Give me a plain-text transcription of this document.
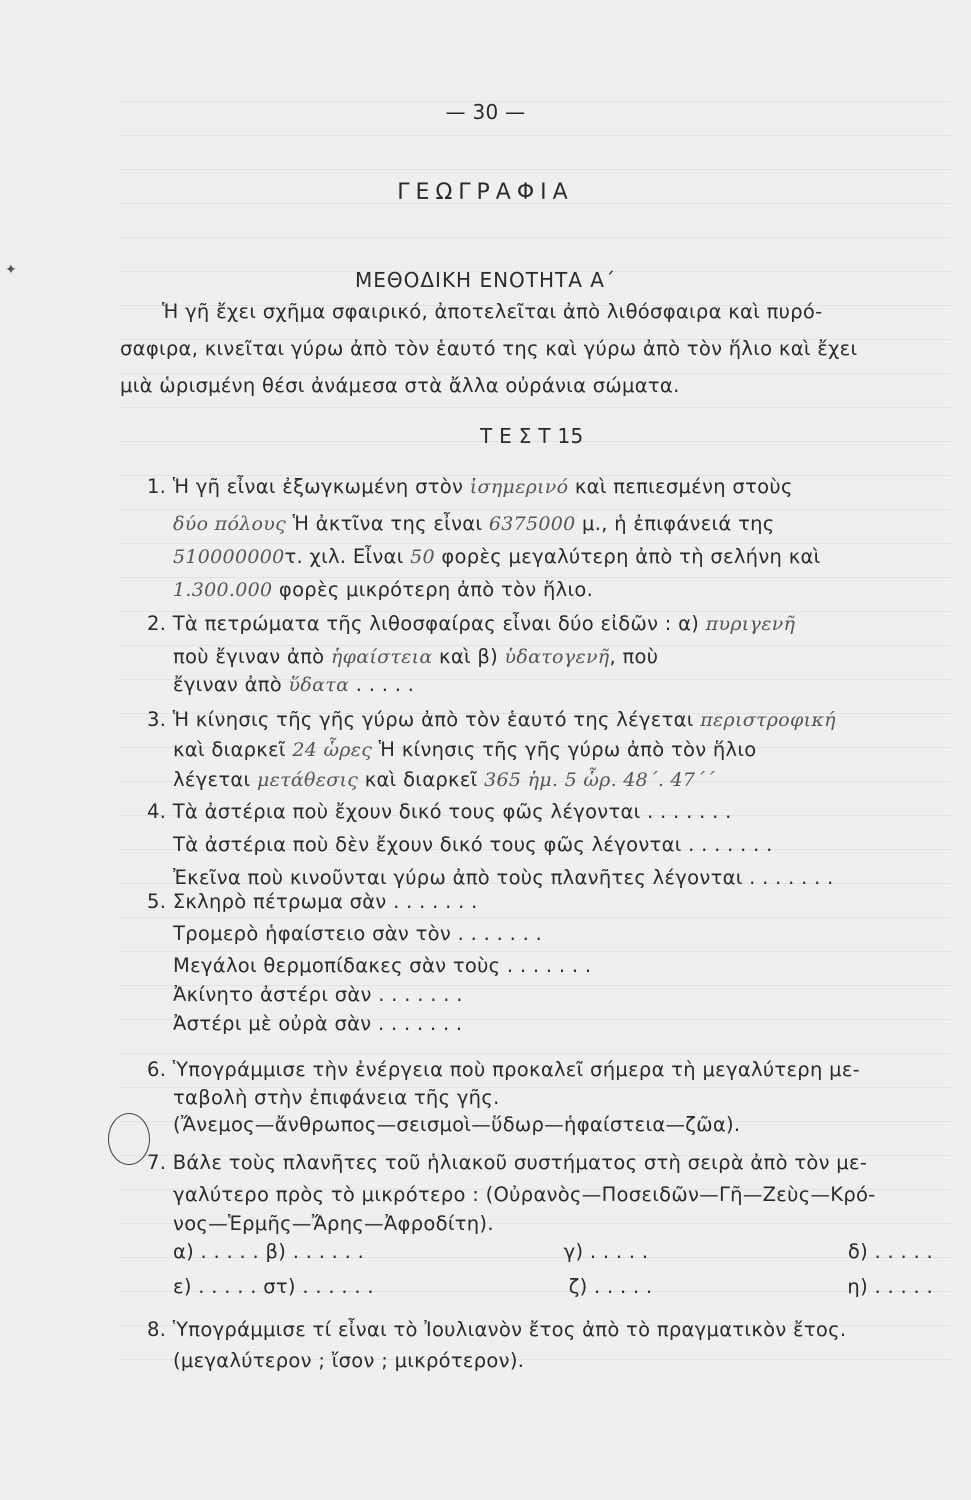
✦
— 30 —
ΓΕΩΓΡΑΦΙΑ
ΜΕΘΟΔΙΚΗ ΕΝΟΤΗΤΑ Α΄
Ἡ γῆ ἔχει σχῆμα σφαιρικό, ἀποτελεῖται ἀπὸ λιθόσφαιρα καὶ πυρό-
σαφιρα, κινεῖται γύρω ἀπὸ τὸν ἑαυτό της καὶ γύρω ἀπὸ τὸν ἥλιο καὶ ἔχει
μιὰ ὡρισμένη θέσι ἀνάμεσα στὰ ἄλλα οὐράνια σώματα.
Τ Ε Σ Τ 15
1. Ἡ γῆ εἶναι ἐξωγκωμένη στὸν ἰσημερινό καὶ πεπιεσμένη στοὺς
δύο πόλους Ἡ ἀκτῖνα της εἶναι 6375000 μ., ἡ ἐπιφάνειά της
510000000τ. χιλ. Εἶναι 50 φορὲς μεγαλύτερη ἀπὸ τὴ σελήνη καὶ
1.300.000 φορὲς μικρότερη ἀπὸ τὸν ἥλιο.
2. Τὰ πετρώματα τῆς λιθοσφαίρας εἶναι δύο εἰδῶν : α) πυριγενῆ
ποὺ ἔγιναν ἀπὸ ἡφαίστεια καὶ β) ὑδατογενῆ, ποὺ
ἔγιναν ἀπὸ ὕδατα . . . . .
3. Ἡ κίνησις τῆς γῆς γύρω ἀπὸ τὸν ἑαυτό της λέγεται περιστροφική
καὶ διαρκεῖ 24 ὧρες Ἡ κίνησις τῆς γῆς γύρω ἀπὸ τὸν ἥλιο
λέγεται μετάθεσις καὶ διαρκεῖ 365 ἡμ. 5 ὧρ. 48΄. 47΄΄
4. Τὰ ἀστέρια ποὺ ἔχουν δικό τους φῶς λέγονται . . . . . . .
Τὰ ἀστέρια ποὺ δὲν ἔχουν δικό τους φῶς λέγονται . . . . . . .
Ἐκεῖνα ποὺ κινοῦνται γύρω ἀπὸ τοὺς πλανῆτες λέγονται . . . . . . .
5. Σκληρὸ πέτρωμα σὰν . . . . . . .
Τρομερὸ ἡφαίστειο σὰν τὸν . . . . . . .
Μεγάλοι θερμοπίδακες σὰν τοὺς . . . . . . .
Ἀκίνητο ἀστέρι σὰν . . . . . . .
Ἀστέρι μὲ οὐρὰ σὰν . . . . . . .
6. Ὑπογράμμισε τὴν ἐνέργεια ποὺ προκαλεῖ σήμερα τὴ μεγαλύτερη με-
ταβολὴ στὴν ἐπιφάνεια τῆς γῆς.
(Ἄνεμος—ἄνθρωπος—σεισμοὶ—ὕδωρ—ἡφαίστεια—ζῶα).
7. Βάλε τοὺς πλανῆτες τοῦ ἡλιακοῦ συστήματος στὴ σειρὰ ἀπὸ τὸν με-
γαλύτερο πρὸς τὸ μικρότερο : (Οὐρανὸς—Ποσειδῶν—Γῆ—Ζεὺς—Κρό-
νος—Ἑρμῆς—Ἄρης—Ἀφροδίτη).
α) . . . . . β) . . . . . .	γ) . . . . .	δ) . . . . .
ε) . . . . . στ) . . . . . .	ζ) . . . . .	η) . . . . .
8. Ὑπογράμμισε τί εἶναι τὸ Ἰουλιανὸν ἔτος ἀπὸ τὸ πραγματικὸν ἔτος.
(μεγαλύτερον ; ἴσον ; μικρότερον).
